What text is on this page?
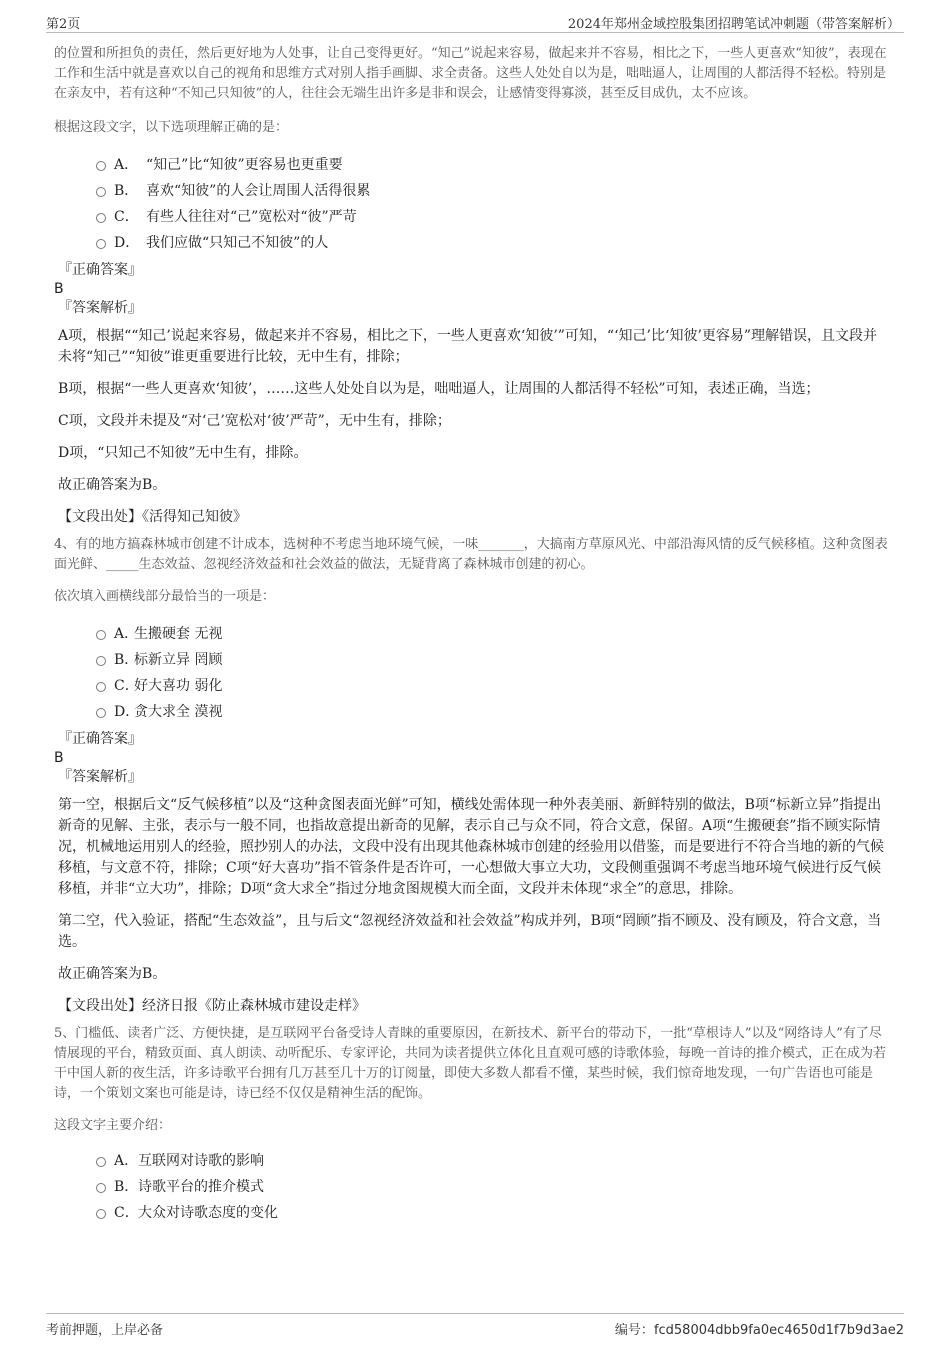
第2页	2024年郑州金域控股集团招聘笔试冲刺题（带答案解析）

的位置和所担负的责任，然后更好地为人处事，让自己变得更好。“知己”说起来容易，做起来并不容易，相比之下，一些人更喜欢“知彼”，表现在工作和生活中就是喜欢以自己的视角和思维方式对别人指手画脚、求全责备。这些人处处自以为是，咄咄逼人，让周围的人都活得不轻松。特别是在亲友中，若有这种“不知己只知彼”的人，往往会无端生出许多是非和误会，让感情变得寡淡，甚至反目成仇，太不应该。

根据这段文字，以下选项理解正确的是：

A． “知己”比“知彼”更容易也更重要
B． 喜欢“知彼”的人会让周围人活得很累
C． 有些人往往对“己”宽松对“彼”严苛
D． 我们应做“只知己不知彼”的人

『正确答案』

B

『答案解析』

A项，根据““知己’说起来容易，做起来并不容易，相比之下，一些人更喜欢‘知彼’”可知，“‘知己’比‘知彼’更容易”理解错误，且文段并未将“知己”“知彼”谁更重要进行比较，无中生有，排除；

B项，根据“一些人更喜欢‘知彼’，……这些人处处自以为是，咄咄逼人，让周围的人都活得不轻松”可知，表述正确，当选；

C项，文段并未提及“对‘己’宽松对‘彼’严苛”，无中生有，排除；

D项，“只知己不知彼”无中生有，排除。

故正确答案为B。

【文段出处】《活得知己知彼》

4、有的地方搞森林城市创建不计成本，选树种不考虑当地环境气候，一味_______，大搞南方草原风光、中部沿海风情的反气候移植。这种贪图表面光鲜、_____生态效益、忽视经济效益和社会效益的做法，无疑背离了森林城市创建的初心。

依次填入画横线部分最恰当的一项是：

A．
生搬硬套 无视
B．
标新立异 罔顾
C．
好大喜功 弱化
D．
贪大求全 漠视

『正确答案』

B

『答案解析』

第一空，根据后文“反气候移植”以及“这种贪图表面光鲜”可知，横线处需体现一种外表美丽、新鲜特别的做法，B项“标新立异”指提出新奇的见解、主张，表示与一般不同，也指故意提出新奇的见解，表示自己与众不同，符合文意，保留。A项“生搬硬套”指不顾实际情况，机械地运用别人的经验，照抄别人的办法，文段中没有出现其他森林城市创建的经验用以借鉴，而是要进行不符合当地的新的气候移植，与文意不符，排除；C项“好大喜功”指不管条件是否许可，一心想做大事立大功，文段侧重强调不考虑当地环境气候进行反气候移植，并非“立大功”，排除；D项“贪大求全”指过分地贪图规模大而全面，文段并未体现“求全”的意思，排除。

第二空，代入验证，搭配“生态效益”，且与后文“忽视经济效益和社会效益”构成并列，B项“罔顾”指不顾及、没有顾及，符合文意，当选。

故正确答案为B。

【文段出处】经济日报《防止森林城市建设走样》

5、门槛低、读者广泛、方便快捷，是互联网平台备受诗人青睐的重要原因，在新技术、新平台的带动下，一批“草根诗人”以及“网络诗人”有了尽情展现的平台，精致页面、真人朗读、动听配乐、专家评论，共同为读者提供立体化且直观可感的诗歌体验，每晚一首诗的推介模式，正在成为若干中国人新的夜生活，许多诗歌平台拥有几万甚至几十万的订阅量，即使大多数人都看不懂，某些时候，我们惊奇地发现，一句广告语也可能是诗，一个策划文案也可能是诗，诗已经不仅仅是精神生活的配饰。

这段文字主要介绍：

A． 互联网对诗歌的影响
B． 诗歌平台的推介模式
C． 大众对诗歌态度的变化
考前押题，上岸必备	编号：fcd58004dbb9fa0ec4650d1f7b9d3ae2
